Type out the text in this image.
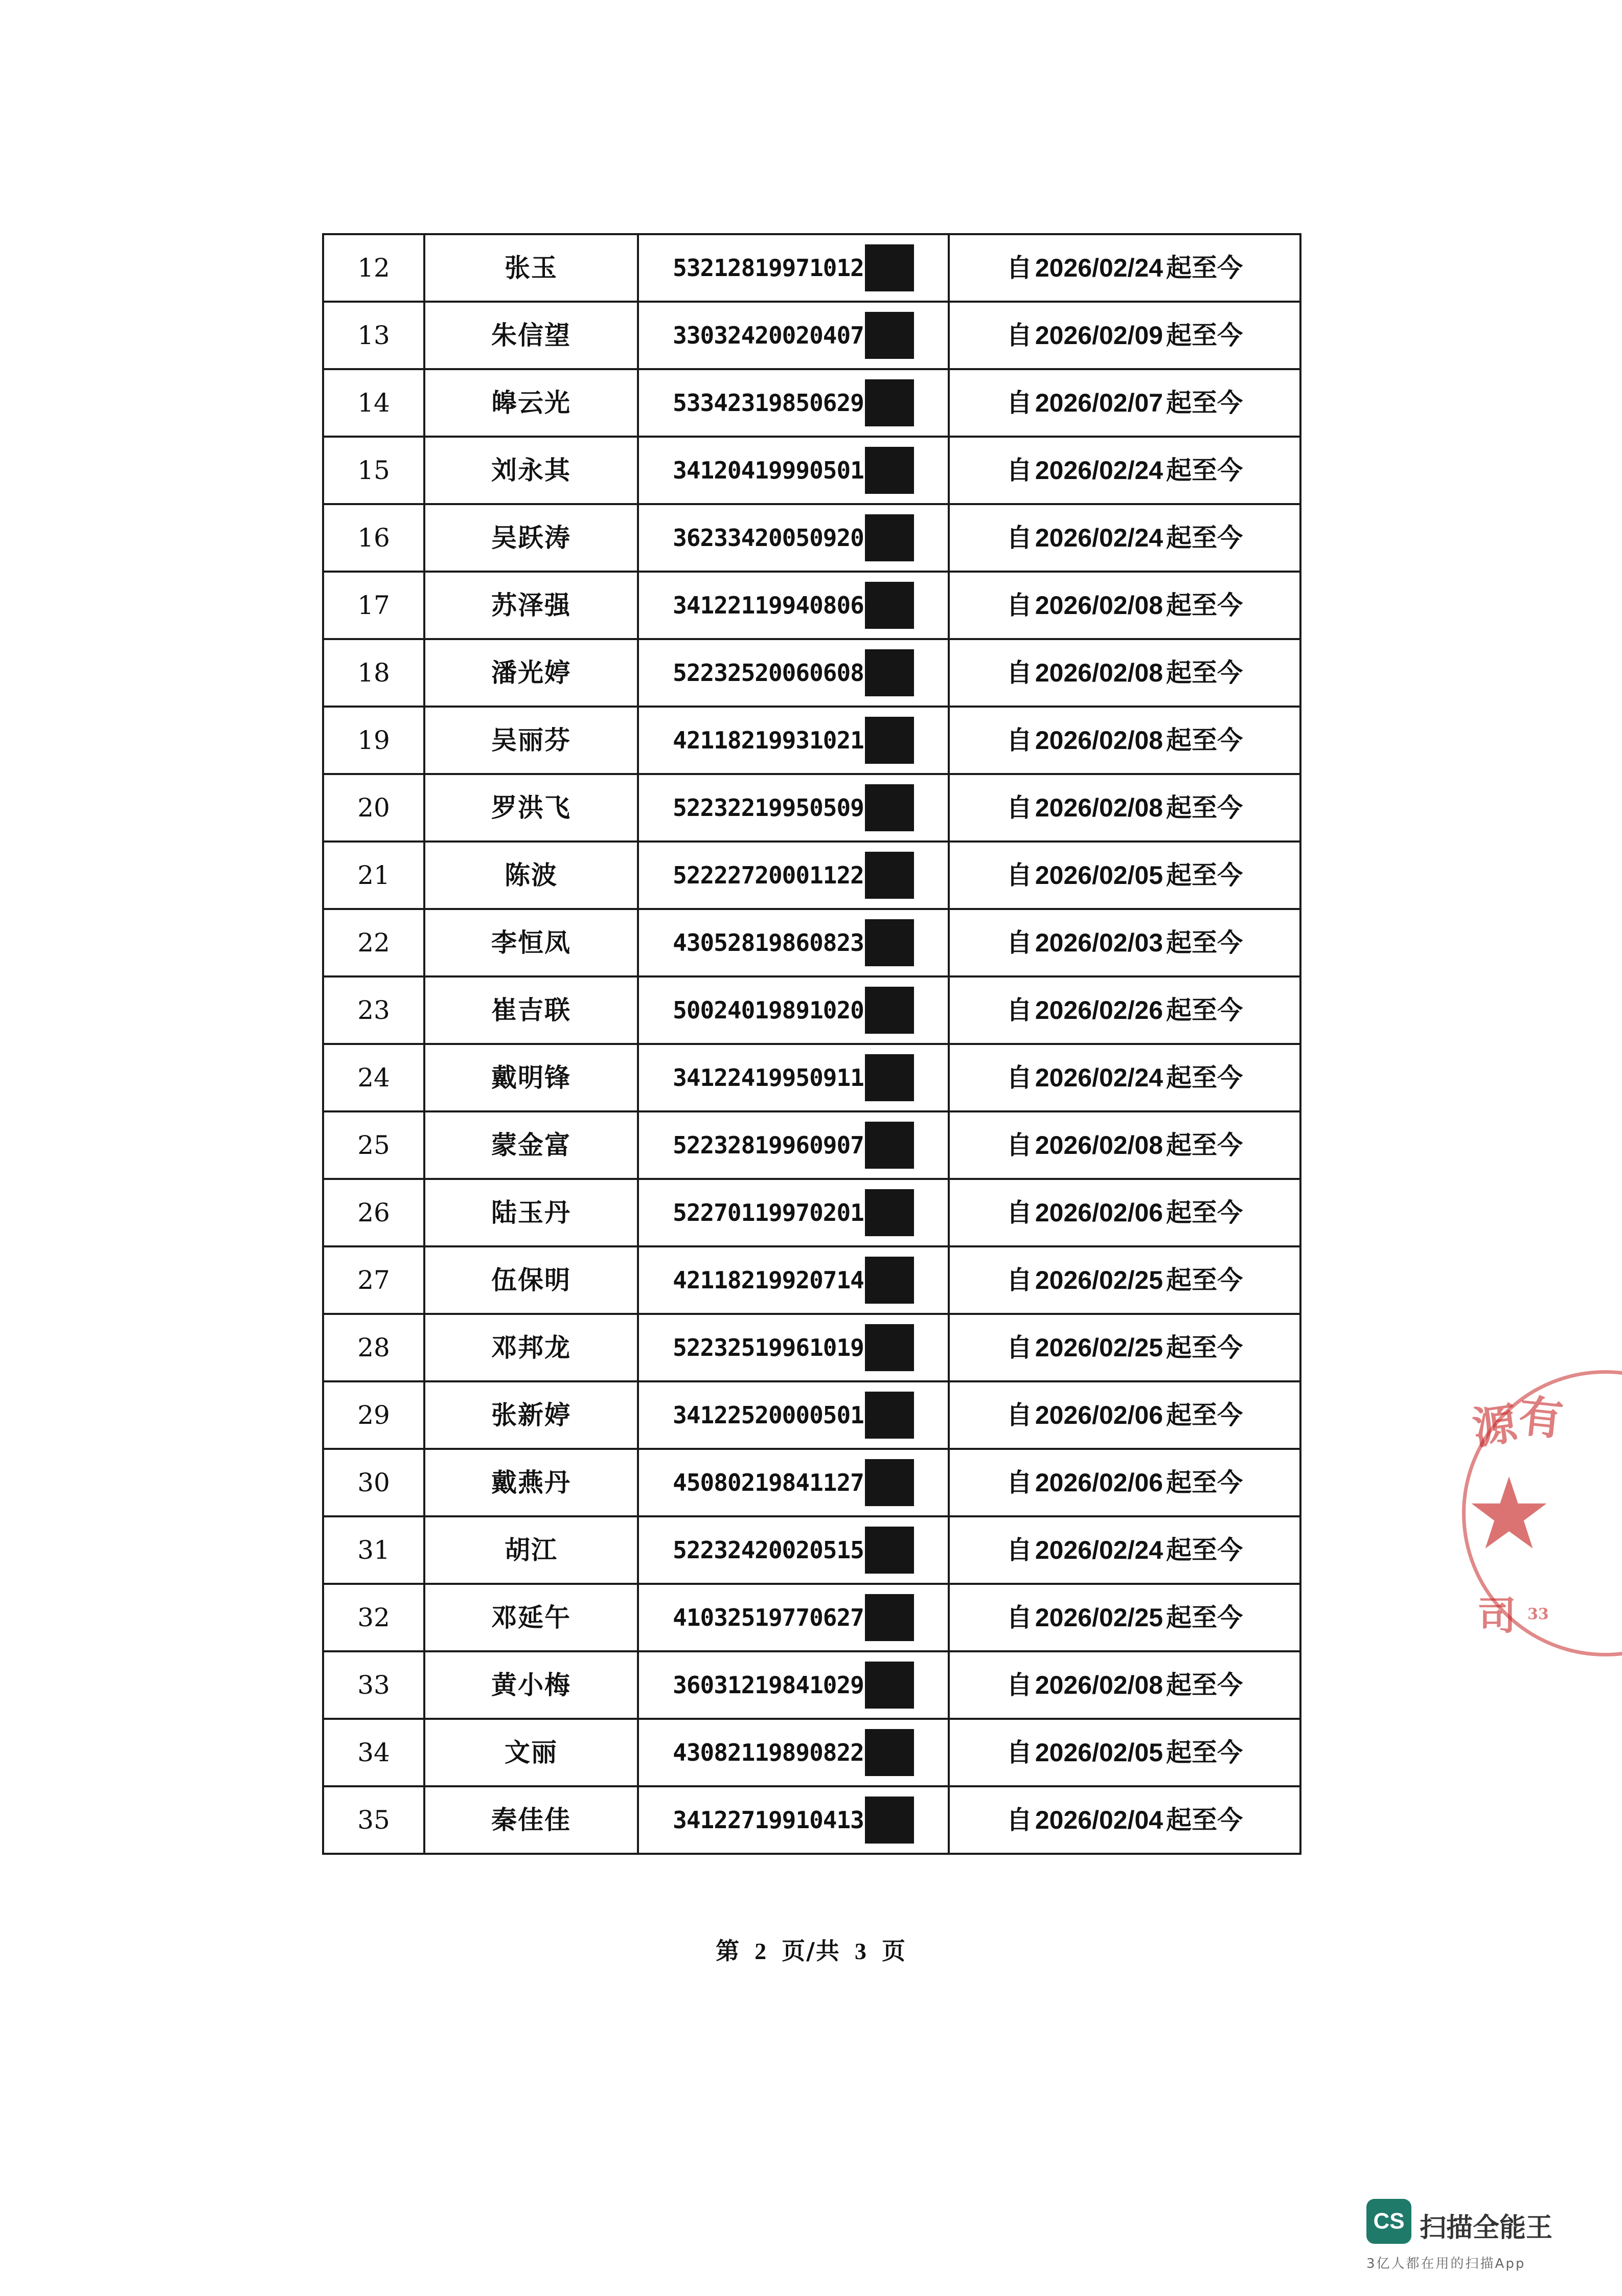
12	张玉	53212819971012	自 2026/02/24 起至今
13	朱信望	33032420020407	自 2026/02/09 起至今
14	皞云光	53342319850629	自 2026/02/07 起至今
15	刘永其	34120419990501	自 2026/02/24 起至今
16	吴跃涛	36233420050920	自 2026/02/24 起至今
17	苏泽强	34122119940806	自 2026/02/08 起至今
18	潘光婷	52232520060608	自 2026/02/08 起至今
19	吴丽芬	42118219931021	自 2026/02/08 起至今
20	罗洪飞	52232219950509	自 2026/02/08 起至今
21	陈波	52222720001122	自 2026/02/05 起至今
22	李恒凤	43052819860823	自 2026/02/03 起至今
23	崔吉联	50024019891020	自 2026/02/26 起至今
24	戴明锋	34122419950911	自 2026/02/24 起至今
25	蒙金富	52232819960907	自 2026/02/08 起至今
26	陆玉丹	52270119970201	自 2026/02/06 起至今
27	伍保明	42118219920714	自 2026/02/25 起至今
28	邓邦龙	52232519961019	自 2026/02/25 起至今
29	张新婷	34122520000501	自 2026/02/06 起至今
30	戴燕丹	45080219841127	自 2026/02/06 起至今
31	胡江	52232420020515	自 2026/02/24 起至今
32	邓延午	41032519770627	自 2026/02/25 起至今
33	黄小梅	36031219841029	自 2026/02/08 起至今
34	文丽	43082119890822	自 2026/02/05 起至今
35	秦佳佳	34122719910413	自 2026/02/04 起至今
第 2 页/共 3 页
源
有
司 33
CS 扫描全能王
3亿人都在用的扫描App
